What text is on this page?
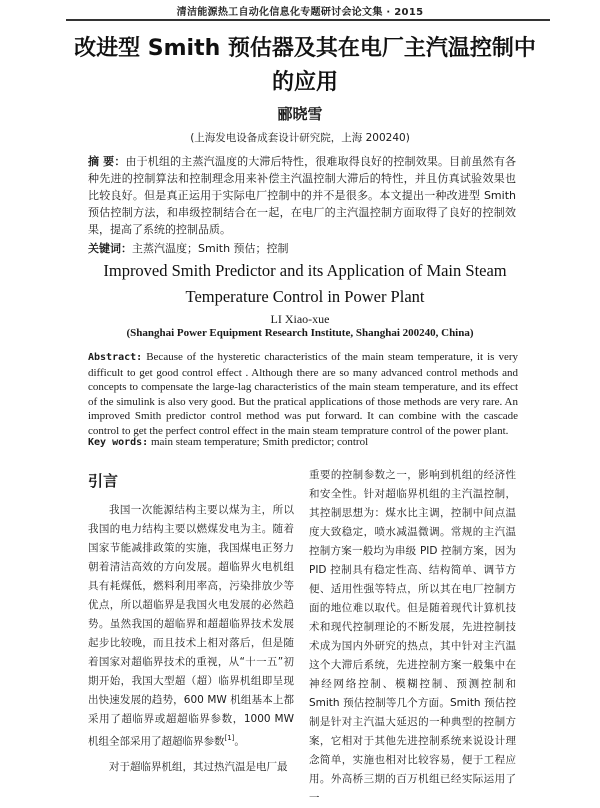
清洁能源热工自动化信息化专题研讨会论文集 · 2015
改进型 Smith 预估器及其在电厂主汽温控制中的应用
郦晓雪
(上海发电设备成套设计研究院，上海 200240)
摘 要：由于机组的主蒸汽温度的大滞后特性，很难取得良好的控制效果。目前虽然有各种先进的控制算法和控制理念用来补偿主汽温控制大滞后的特性，并且仿真试验效果也比较良好。但是真正运用于实际电厂控制中的并不是很多。本文提出一种改进型 Smith 预估控制方法，和串级控制结合在一起，在电厂的主汽温控制方面取得了良好的控制效果，提高了系统的控制品质。
关键词：主蒸汽温度；Smith 预估；控制
Improved Smith Predictor and its Application of Main Steam Temperature Control in Power Plant
LI Xiao-xue
(Shanghai Power Equipment Research Institute, Shanghai 200240, China)
Abstract: Because of the hysteretic characteristics of the main steam temperature, it is very difficult to get good control effect . Although there are so many advanced control methods and concepts to compensate the large-lag characteristics of the main steam temperature, and its effect of the simulink is also very good. But the pratical applications of those methods are very rare. An improved Smith predictor control method was put forward. It can combine with the cascade control to get the perfect control effect in the main steam temprature control of the power plant.
Key words: main steam temperature; Smith predictor; control
引言

我国一次能源结构主要以煤为主，所以我国的电力结构主要以燃煤发电为主。随着国家节能减排政策的实施，我国煤电正努力朝着清洁高效的方向发展。超临界火电机组具有耗煤低，燃料利用率高，污染排放少等优点，所以超临界是我国火电发展的必然趋势。虽然我国的超临界和超超临界技术发展起步比较晚，而且技术上相对落后，但是随着国家对超临界技术的重视，从“十一五”初期开始，我国大型超（超）临界机组即呈现出快速发展的趋势，600 MW 机组基本上都采用了超临界或超超临界参数，1000 MW 机组全部采用了超超临界参数[1]。

对于超临界机组，其过热汽温是电厂最

重要的控制参数之一，影响到机组的经济性和安全性。针对超临界机组的主汽温控制，其控制思想为：煤水比主调，控制中间点温度大致稳定，喷水减温微调。常规的主汽温控制方案一般均为串级 PID 控制方案，因为 PID 控制具有稳定性高、结构简单、调节方便、适用性强等特点，所以其在电厂控制方面的地位难以取代。但是随着现代计算机技术和现代控制理论的不断发展，先进控制技术成为国内外研究的热点，其中针对主汽温这个大滞后系统，先进控制方案一般集中在神经网络控制、模糊控制、预测控制和 Smith 预估控制等几个方面。Smith 预估控制是针对主汽温大延迟的一种典型的控制方案，它相对于其他先进控制系统来说设计理念简单，实施也相对比较容易，便于工程应用。外高桥三期的百万机组已经实际运用了一
